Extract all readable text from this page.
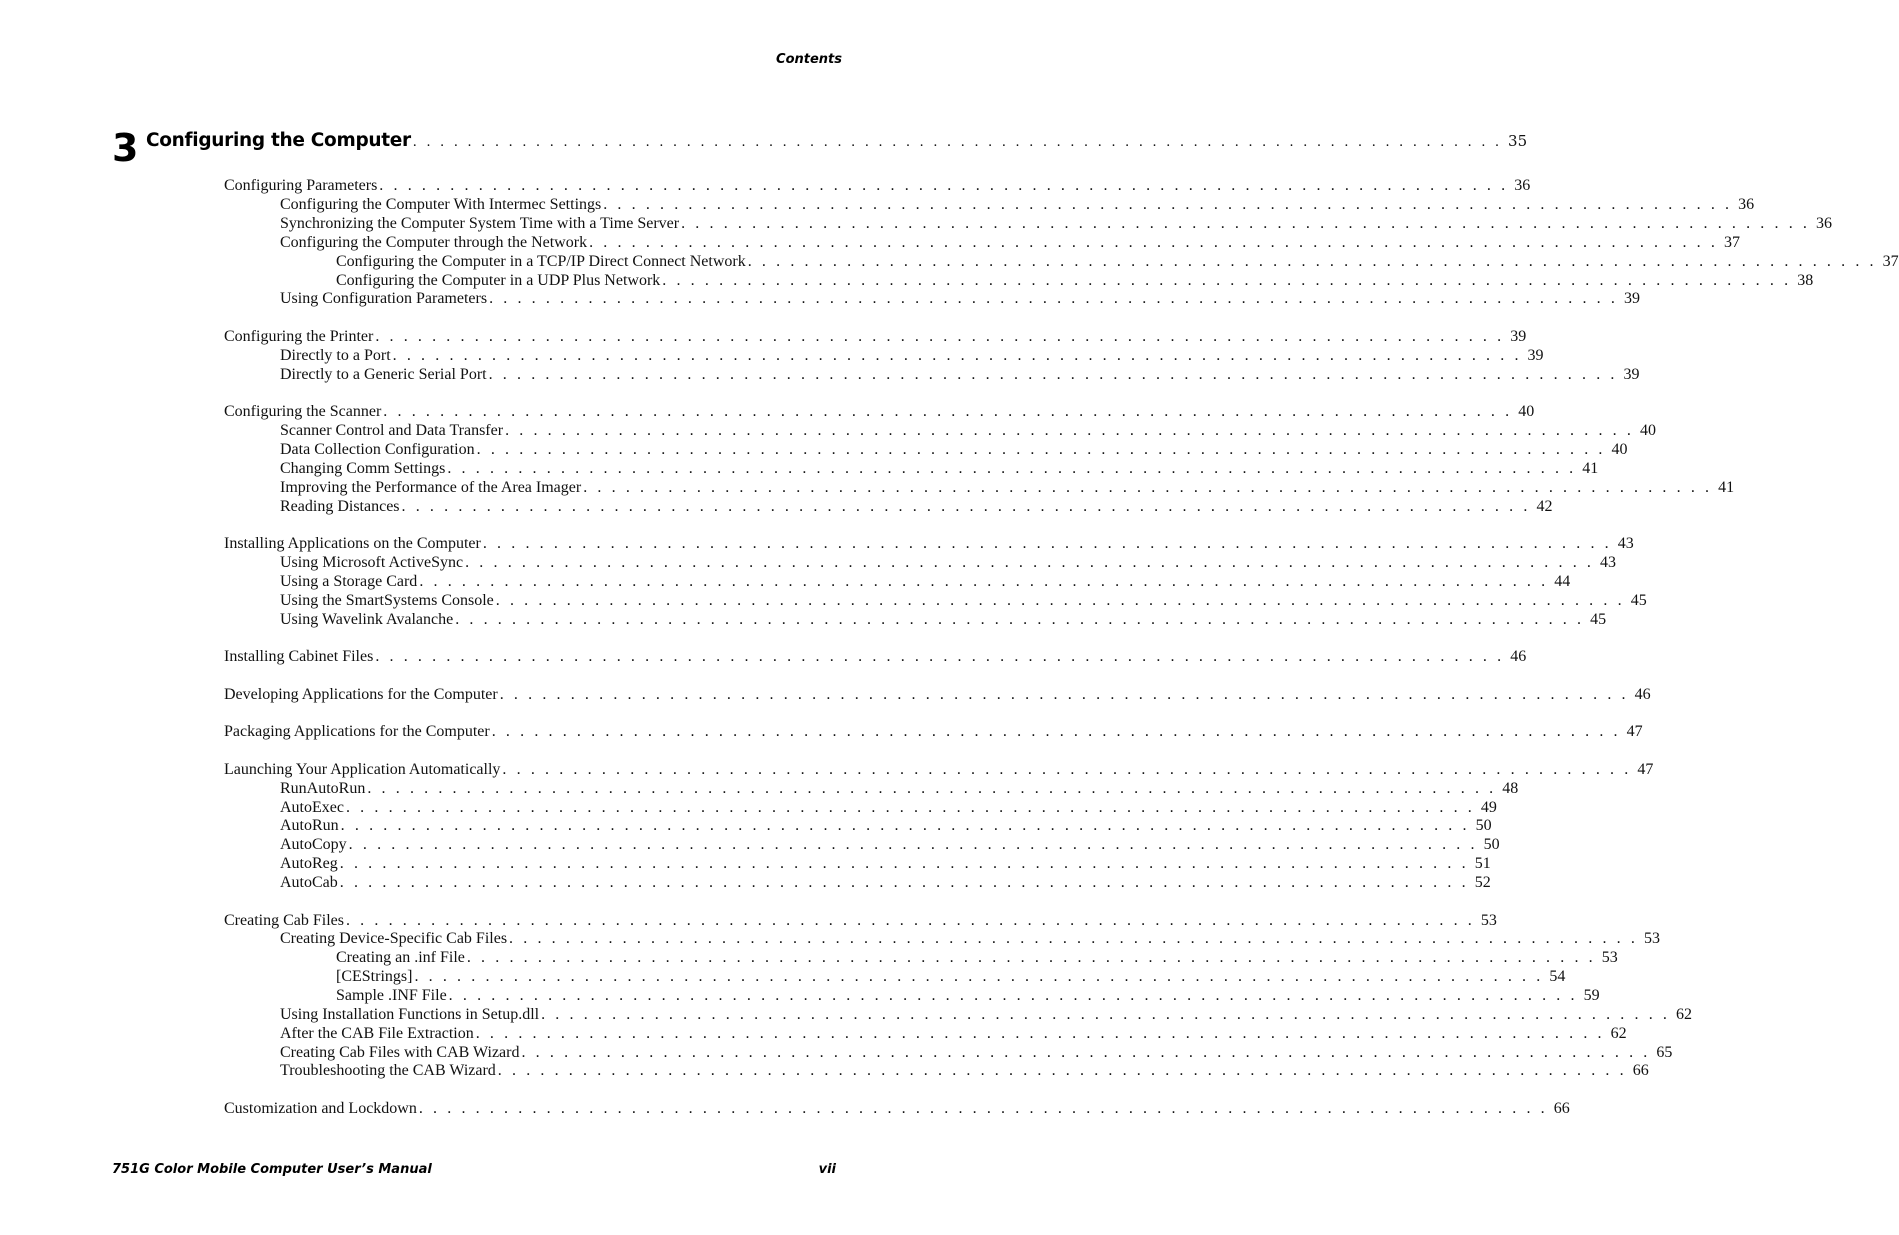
Contents
3 Configuring the Computer . . . . . . . . . . . . . . . . . . . . . . . . . . . . . . . . . . . . . . . . . . . . . . . . . . . . . . . . . . . . . . . . . . . . . . . . . . . . . . . . 35
Configuring Parameters . . . . . . . . . . . . . . . . . . . . . . . . . . . . . . . . . . . . . . . . . . . . . . . . . . . . . . . . . . . . . . . . . . . . . . . . . . . . . . . . 36
Configuring the Computer With Intermec Settings . . . . . . . . . . . . . . . . . . . . . . . . . . . . . . . . . . . . . . . . . . . . . . . . . . . . . . . . . . . . . . . . . . . . . . . . . . . . . . . . 36
Synchronizing the Computer System Time with a Time Server . . . . . . . . . . . . . . . . . . . . . . . . . . . . . . . . . . . . . . . . . . . . . . . . . . . . . . . . . . . . . . . . . . . . . . . . . . . . . . . . 36
Configuring the Computer through the Network . . . . . . . . . . . . . . . . . . . . . . . . . . . . . . . . . . . . . . . . . . . . . . . . . . . . . . . . . . . . . . . . . . . . . . . . . . . . . . . . 37
Configuring the Computer in a TCP/IP Direct Connect Network . . . . . . . . . . . . . . . . . . . . . . . . . . . . . . . . . . . . . . . . . . . . . . . . . . . . . . . . . . . . . . . . . . . . . . . . . . . . . . . . 37
Configuring the Computer in a UDP Plus Network . . . . . . . . . . . . . . . . . . . . . . . . . . . . . . . . . . . . . . . . . . . . . . . . . . . . . . . . . . . . . . . . . . . . . . . . . . . . . . . . 38
Using Configuration Parameters . . . . . . . . . . . . . . . . . . . . . . . . . . . . . . . . . . . . . . . . . . . . . . . . . . . . . . . . . . . . . . . . . . . . . . . . . . . . . . . . 39
Configuring the Printer . . . . . . . . . . . . . . . . . . . . . . . . . . . . . . . . . . . . . . . . . . . . . . . . . . . . . . . . . . . . . . . . . . . . . . . . . . . . . . . . 39
Directly to a Port . . . . . . . . . . . . . . . . . . . . . . . . . . . . . . . . . . . . . . . . . . . . . . . . . . . . . . . . . . . . . . . . . . . . . . . . . . . . . . . . 39
Directly to a Generic Serial Port . . . . . . . . . . . . . . . . . . . . . . . . . . . . . . . . . . . . . . . . . . . . . . . . . . . . . . . . . . . . . . . . . . . . . . . . . . . . . . . . 39
Configuring the Scanner . . . . . . . . . . . . . . . . . . . . . . . . . . . . . . . . . . . . . . . . . . . . . . . . . . . . . . . . . . . . . . . . . . . . . . . . . . . . . . . . 40
Scanner Control and Data Transfer . . . . . . . . . . . . . . . . . . . . . . . . . . . . . . . . . . . . . . . . . . . . . . . . . . . . . . . . . . . . . . . . . . . . . . . . . . . . . . . . 40
Data Collection Configuration . . . . . . . . . . . . . . . . . . . . . . . . . . . . . . . . . . . . . . . . . . . . . . . . . . . . . . . . . . . . . . . . . . . . . . . . . . . . . . . . 40
Changing Comm Settings . . . . . . . . . . . . . . . . . . . . . . . . . . . . . . . . . . . . . . . . . . . . . . . . . . . . . . . . . . . . . . . . . . . . . . . . . . . . . . . . 41
Improving the Performance of the Area Imager . . . . . . . . . . . . . . . . . . . . . . . . . . . . . . . . . . . . . . . . . . . . . . . . . . . . . . . . . . . . . . . . . . . . . . . . . . . . . . . . 41
Reading Distances . . . . . . . . . . . . . . . . . . . . . . . . . . . . . . . . . . . . . . . . . . . . . . . . . . . . . . . . . . . . . . . . . . . . . . . . . . . . . . . . 42
Installing Applications on the Computer . . . . . . . . . . . . . . . . . . . . . . . . . . . . . . . . . . . . . . . . . . . . . . . . . . . . . . . . . . . . . . . . . . . . . . . . . . . . . . . . 43
Using Microsoft ActiveSync . . . . . . . . . . . . . . . . . . . . . . . . . . . . . . . . . . . . . . . . . . . . . . . . . . . . . . . . . . . . . . . . . . . . . . . . . . . . . . . . 43
Using a Storage Card . . . . . . . . . . . . . . . . . . . . . . . . . . . . . . . . . . . . . . . . . . . . . . . . . . . . . . . . . . . . . . . . . . . . . . . . . . . . . . . . 44
Using the SmartSystems Console . . . . . . . . . . . . . . . . . . . . . . . . . . . . . . . . . . . . . . . . . . . . . . . . . . . . . . . . . . . . . . . . . . . . . . . . . . . . . . . . 45
Using Wavelink Avalanche . . . . . . . . . . . . . . . . . . . . . . . . . . . . . . . . . . . . . . . . . . . . . . . . . . . . . . . . . . . . . . . . . . . . . . . . . . . . . . . . 45
Installing Cabinet Files . . . . . . . . . . . . . . . . . . . . . . . . . . . . . . . . . . . . . . . . . . . . . . . . . . . . . . . . . . . . . . . . . . . . . . . . . . . . . . . . 46
Developing Applications for the Computer . . . . . . . . . . . . . . . . . . . . . . . . . . . . . . . . . . . . . . . . . . . . . . . . . . . . . . . . . . . . . . . . . . . . . . . . . . . . . . . . 46
Packaging Applications for the Computer . . . . . . . . . . . . . . . . . . . . . . . . . . . . . . . . . . . . . . . . . . . . . . . . . . . . . . . . . . . . . . . . . . . . . . . . . . . . . . . . 47
Launching Your Application Automatically . . . . . . . . . . . . . . . . . . . . . . . . . . . . . . . . . . . . . . . . . . . . . . . . . . . . . . . . . . . . . . . . . . . . . . . . . . . . . . . . 47
RunAutoRun . . . . . . . . . . . . . . . . . . . . . . . . . . . . . . . . . . . . . . . . . . . . . . . . . . . . . . . . . . . . . . . . . . . . . . . . . . . . . . . . 48
AutoExec . . . . . . . . . . . . . . . . . . . . . . . . . . . . . . . . . . . . . . . . . . . . . . . . . . . . . . . . . . . . . . . . . . . . . . . . . . . . . . . . 49
AutoRun . . . . . . . . . . . . . . . . . . . . . . . . . . . . . . . . . . . . . . . . . . . . . . . . . . . . . . . . . . . . . . . . . . . . . . . . . . . . . . . . 50
AutoCopy . . . . . . . . . . . . . . . . . . . . . . . . . . . . . . . . . . . . . . . . . . . . . . . . . . . . . . . . . . . . . . . . . . . . . . . . . . . . . . . . 50
AutoReg . . . . . . . . . . . . . . . . . . . . . . . . . . . . . . . . . . . . . . . . . . . . . . . . . . . . . . . . . . . . . . . . . . . . . . . . . . . . . . . . 51
AutoCab . . . . . . . . . . . . . . . . . . . . . . . . . . . . . . . . . . . . . . . . . . . . . . . . . . . . . . . . . . . . . . . . . . . . . . . . . . . . . . . . 52
Creating Cab Files . . . . . . . . . . . . . . . . . . . . . . . . . . . . . . . . . . . . . . . . . . . . . . . . . . . . . . . . . . . . . . . . . . . . . . . . . . . . . . . . 53
Creating Device-Specific Cab Files . . . . . . . . . . . . . . . . . . . . . . . . . . . . . . . . . . . . . . . . . . . . . . . . . . . . . . . . . . . . . . . . . . . . . . . . . . . . . . . . 53
Creating an .inf File . . . . . . . . . . . . . . . . . . . . . . . . . . . . . . . . . . . . . . . . . . . . . . . . . . . . . . . . . . . . . . . . . . . . . . . . . . . . . . . . 53
[CEStrings] . . . . . . . . . . . . . . . . . . . . . . . . . . . . . . . . . . . . . . . . . . . . . . . . . . . . . . . . . . . . . . . . . . . . . . . . . . . . . . . . 54
Sample .INF File . . . . . . . . . . . . . . . . . . . . . . . . . . . . . . . . . . . . . . . . . . . . . . . . . . . . . . . . . . . . . . . . . . . . . . . . . . . . . . . . 59
Using Installation Functions in Setup.dll . . . . . . . . . . . . . . . . . . . . . . . . . . . . . . . . . . . . . . . . . . . . . . . . . . . . . . . . . . . . . . . . . . . . . . . . . . . . . . . . 62
After the CAB File Extraction . . . . . . . . . . . . . . . . . . . . . . . . . . . . . . . . . . . . . . . . . . . . . . . . . . . . . . . . . . . . . . . . . . . . . . . . . . . . . . . . 62
Creating Cab Files with CAB Wizard . . . . . . . . . . . . . . . . . . . . . . . . . . . . . . . . . . . . . . . . . . . . . . . . . . . . . . . . . . . . . . . . . . . . . . . . . . . . . . . . 65
Troubleshooting the CAB Wizard . . . . . . . . . . . . . . . . . . . . . . . . . . . . . . . . . . . . . . . . . . . . . . . . . . . . . . . . . . . . . . . . . . . . . . . . . . . . . . . . 66
Customization and Lockdown . . . . . . . . . . . . . . . . . . . . . . . . . . . . . . . . . . . . . . . . . . . . . . . . . . . . . . . . . . . . . . . . . . . . . . . . . . . . . . . . 66
751G Color Mobile Computer User’s Manual	vii
